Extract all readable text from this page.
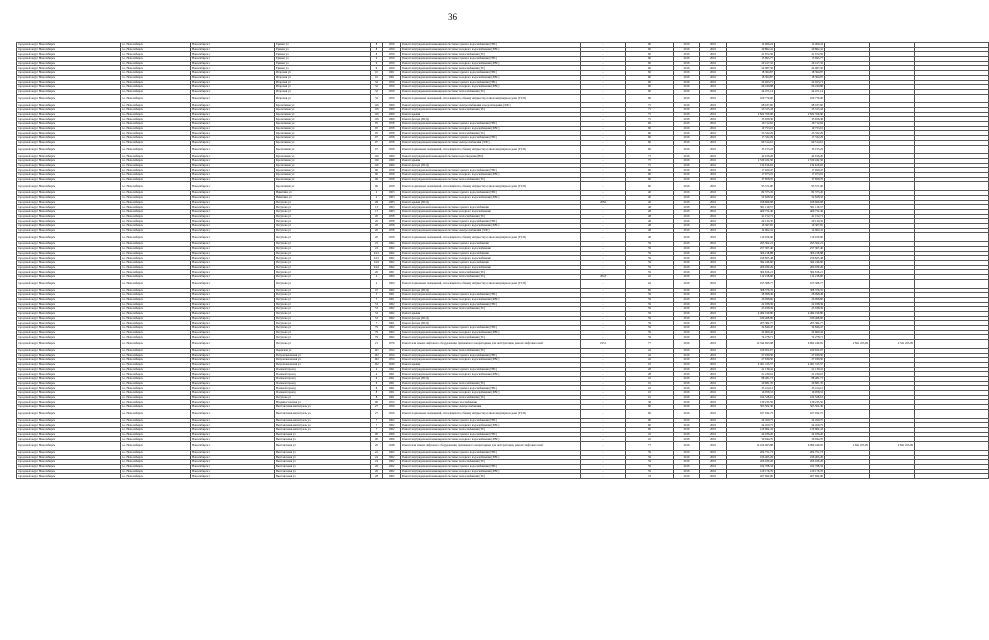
36
городской округ Новосибирск	г.о. Новосибирск	Новосибирск г	Ермака ул	8	1959	Ремонт внутридомовой инженерной системы горячего водоснабжения (ГВС)	-	60	2016	2016	14 069,24	14 069,24			
городской округ Новосибирск	г.о. Новосибирск	Новосибирск г	Ермака ул	8	1959	Ремонт внутридомовой инженерной системы холодного водоснабжения (ХВС)	-	60	2016	2016	20 862,41	20 862,41			
городской округ Новосибирск	г.о. Новосибирск	Новосибирск г	Ермака ул	8	1959	Ремонт внутридомовой инженерной системы теплоснабжения (ТС)	-	60	2016	2016	21 672,56	21 672,56			
городской округ Новосибирск	г.о. Новосибирск	Новосибирск г	Ермака ул	9	1959	Ремонт внутридомовой инженерной системы горячего водоснабжения (ГВС)	-	60	2016	2016	15 695,77	15 695,77			
городской округ Новосибирск	г.о. Новосибирск	Новосибирск г	Ермака ул	9	1959	Ремонт внутридомовой инженерной системы холодного водоснабжения (ХВС)	-	60	2016	2016	20 417,32	20 417,32			
городской округ Новосибирск	г.о. Новосибирск	Новосибирск г	Ермака ул	9	1959	Ремонт внутридомовой инженерной системы теплоснабжения (ТС)	-	60	2016	2016	24 987,50	24 987,50			
городской округ Новосибирск	г.о. Новосибирск	Новосибирск г	Игарская ул	10	1961	Ремонт внутридомовой инженерной системы горячего водоснабжения (ГВС)	-	60	2016	2016	18 364,87	18 364,87			
городской округ Новосибирск	г.о. Новосибирск	Новосибирск г	Игарская ул	10	1961	Ремонт внутридомовой инженерной системы холодного водоснабжения (ХВС)	-	60	2016	2016	18 364,87	18 364,87			
городской округ Новосибирск	г.о. Новосибирск	Новосибирск г	Игарская ул	32	1959	Ремонт внутридомовой инженерной системы горячего водоснабжения (ГВС)	-	60	2016	2016	22 923,71	22 923,71			
городской округ Новосибирск	г.о. Новосибирск	Новосибирск г	Игарская ул	32	1959	Ремонт внутридомовой инженерной системы холодного водоснабжения (ХВС)	-	60	2016	2016	60 240,88	60 240,88			
городской округ Новосибирск	г.о. Новосибирск	Новосибирск г	Игарская ул	32	1959	Ремонт внутридомовой инженерной системы теплоснабжения (ТС)	-	60	2016	2016	24 471,14	24 471,14			
городской округ Новосибирск	г.о. Новосибирск	Новосибирск г	Игарская ул	32	1959	Ремонт подвальных помещений, относящихся к общему имуществу в многоквартирном доме (УСП)	-	60	2016	2016	109 770,00	109 770,00			
городской округ Новосибирск	г.о. Новосибирск	Новосибирск г	Кропоткина ул	116	1969	Ремонт внутридомовой инженерной системы электроснабжения и водоотведения (ЭЛС)	-	75	2016	2016	68 187,60	68 187,60			
городской округ Новосибирск	г.о. Новосибирск	Новосибирск г	Кропоткина ул	116	1969	Ремонт внутридомовой инженерной системы теплоснабжения (ТС)	-	75	2016	2016	23 315,43	23 315,43			
городской округ Новосибирск	г.о. Новосибирск	Новосибирск г	Кропоткина ул	116	1969	Ремонт крыши	-	75	2016	2016	2 822 359,90	2 822 359,90			
городской округ Новосибирск	г.о. Новосибирск	Новосибирск г	Кропоткина ул	116	1969	Ремонт фасада (ПСД)	-	75	2016	2016	35 656,36	35 656,36			
городской округ Новосибирск	г.о. Новосибирск	Новосибирск г	Кропоткина ул	95	1958	Ремонт внутридомовой инженерной системы горячего водоснабжения (ГВС)	-	60	2016	2016	16 712,62	16 712,62			
городской округ Новосибирск	г.о. Новосибирск	Новосибирск г	Кропоткина ул	95	1958	Ремонт внутридомовой инженерной системы холодного водоснабжения (ХВС)	-	60	2016	2016	19 753,01	19 753,01			
городской округ Новосибирск	г.о. Новосибирск	Новосибирск г	Кропоткина ул	95	1958	Ремонт внутридомовой инженерной системы теплоснабжения (ТС)	-	60	2016	2016	23 332,29	23 332,29			
городской округ Новосибирск	г.о. Новосибирск	Новосибирск г	Кропоткина ул	97	1958	Ремонт внутридомовой инженерной системы горячего водоснабжения (ГВС)	-	60	2016	2016	17 332,29	17 332,29			
городской округ Новосибирск	г.о. Новосибирск	Новосибирск г	Кропоткина ул	97	1958	Ремонт внутридомовой инженерной системы электроснабжения (ЭЛС)	-	60	2016	2016	60 514,61	60 514,61			
городской округ Новосибирск	г.о. Новосибирск	Новосибирск г	Кропоткина ул	97	1958	Ремонт подвальных помещений, относящихся к общему имуществу в многоквартирном доме (УСП)	-	60	2016	2016	35 155,22	35 155,22			
городской округ Новосибирск	г.о. Новосибирск	Новосибирск г	Кропоткина ул	116	1969	Ремонт внутридомовой инженерной системы водоотведения (ВО)	-	75	2016	2016	42 916,20	42 916,20			
городской округ Новосибирск	г.о. Новосибирск	Новосибирск г	Кропоткина ул	116	1969	Ремонт крыши	-	75	2016	2016	2 539 432,50	2 539 432,50			
городской округ Новосибирск	г.о. Новосибирск	Новосибирск г	Кропоткина ул	116	1969	Ремонт фасада (ПСД)	-	75	2016	2016	134 616,02	134 616,02			
городской округ Новосибирск	г.о. Новосибирск	Новосибирск г	Кропоткина ул	96	1958	Ремонт внутридомовой инженерной системы горячего водоснабжения (ГВС)	-	60	2016	2016	17 920,47	17 920,47			
городской округ Новосибирск	г.о. Новосибирск	Новосибирск г	Кропоткина ул	96	1958	Ремонт внутридомовой инженерной системы холодного водоснабжения (ХВС)	-	60	2016	2016	17 973,91	17 973,91			
городской округ Новосибирск	г.о. Новосибирск	Новосибирск г	Кропоткина ул	96	1958	Ремонт внутридомовой инженерной системы теплоснабжения (ТС)	-	60	2016	2016	37 858,70	37 858,70			
городской округ Новосибирск	г.о. Новосибирск	Новосибирск г	Кропоткина ул	96	1958	Ремонт подвальных помещений, относящихся к общему имуществу в многоквартирном доме (УСП)	-	60	2016	2016	93 571,00	93 571,00			
городской округ Новосибирск	г.о. Новосибирск	Новосибирск г	Никитина ул	2	1963	Ремонт внутридомовой инженерной системы горячего водоснабжения (ГВС)	-	40	2016	2016	82 375,45	82 375,45			
городской округ Новосибирск	г.о. Новосибирск	Новосибирск г	Никитина ул	2	1963	Ремонт внутридомовой инженерной системы холодного водоснабжения (ХВС)	-	40	2016	2016	52 628,32	52 628,32			
городской округ Новосибирск	г.о. Новосибирск	Новосибирск г	Петухова ул	28	1983	Ремонт крыши (ПСД)	2082	40	2016	2016	168 669,68	168 669,68			
городской округ Новосибирск	г.о. Новосибирск	Новосибирск г	Петухова ул	13	1963	Ремонт внутридомовой инженерной системы горячего водоснабжения	-	48	2016	2016	501 119,57	501 119,57			
городской округ Новосибирск	г.о. Новосибирск	Новосибирск г	Петухова ул	13	1963	Ремонт внутридомовой инженерной системы холодного водоснабжения	-	48	2016	2016	409 752,46	409 752,46			
городской округ Новосибирск	г.о. Новосибирск	Новосибирск г	Петухова ул	20	1958	Ремонт внутридомовой инженерной системы теплоснабжения (ТС)	-	48	2016	2016	41 152,71	41 152,71			
городской округ Новосибирск	г.о. Новосибирск	Новосибирск г	Петухова ул	20	1958	Ремонт внутридомовой инженерной системы горячего водоснабжения (ГВС)	-	48	2016	2016	29 134,35	29 134,35			
городской округ Новосибирск	г.о. Новосибирск	Новосибирск г	Петухова ул	20	1958	Ремонт внутридомовой инженерной системы холодного водоснабжения (ХВС)	-	48	2016	2016	16 367,65	16 367,65			
городской округ Новосибирск	г.о. Новосибирск	Новосибирск г	Петухова ул	20	1958	Ремонт внутридомовой инженерной системы электроснабжения (ЭЛС)	-	48	2016	2016	14 062,41	14 062,41			
городской округ Новосибирск	г.о. Новосибирск	Новосибирск г	Петухова ул	20	1958	Ремонт подвальных помещений, относящихся к общему имуществу в многоквартирном доме (УСП)	-	48	2016	2016	110 100,90	110 100,90			
городской округ Новосибирск	г.о. Новосибирск	Новосибирск г	Петухова ул	22	1962	Ремонт внутридомовой инженерной системы горячего водоснабжения	-	59	2016	2016	295 502,21	295 502,21			
городской округ Новосибирск	г.о. Новосибирск	Новосибирск г	Петухова ул	22	1962	Ремонт внутридомовой инженерной системы холодного водоснабжения	-	59	2016	2016	257 307,40	257 307,40			
городской округ Новосибирск	г.о. Новосибирск	Новосибирск г	Петухова ул	24/1	1962	Ремонт внутридомовой инженерной системы горячего водоснабжения	-	59	2016	2016	306 218,88	306 218,88			
городской округ Новосибирск	г.о. Новосибирск	Новосибирск г	Петухова ул	24/1	1962	Ремонт внутридомовой инженерной системы холодного водоснабжения	-	59	2016	2016	196 825,48	196 825,48			
городской округ Новосибирск	г.о. Новосибирск	Новосибирск г	Петухова ул	24/2	1962	Ремонт внутридомовой инженерной системы горячего водоснабжения	-	59	2016	2016	394 246,60	394 246,60			
городской округ Новосибирск	г.о. Новосибирск	Новосибирск г	Петухова ул	24/2	1962	Ремонт внутридомовой инженерной системы холодного водоснабжения	-	59	2016	2016	206 930,26	206 930,26			
городской округ Новосибирск	г.о. Новосибирск	Новосибирск г	Петухова ул	26	1961	Ремонт внутридомовой инженерной системы теплоснабжения (ТС)	-	59	2016	2016	304 816,21	304 816,21			
городской округ Новосибирск	г.о. Новосибирск	Новосибирск г	Петухова ул	4	1964	Ремонт внутридомовой инженерной системы теплоснабжения (ТС)	2043	42	2016	2016	112 218,60	112 218,60			
городской округ Новосибирск	г.о. Новосибирск	Новосибирск г	Петухова ул	4	1964	Ремонт подвальных помещений, относящихся к общему имуществу в многоквартирном доме (УСП)	-	42	2016	2016	105 368,77	105 368,77			
городской округ Новосибирск	г.о. Новосибирск	Новосибирск г	Петухова ул	47	1962	Ремонт фасада (ПСД)	-	60	2016	2016	368 376,35	368 376,35			
городской округ Новосибирск	г.о. Новосибирск	Новосибирск г	Петухова ул	5	1961	Ремонт внутридомовой инженерной системы горячего водоснабжения (ГВС)	-	59	2016	2016	28 098,49	28 098,49			
городской округ Новосибирск	г.о. Новосибирск	Новосибирск г	Петухова ул	5	1961	Ремонт внутридомовой инженерной системы холодного водоснабжения (ХВС)	-	59	2016	2016	26 098,60	26 098,60			
городской округ Новосибирск	г.о. Новосибирск	Новосибирск г	Петухова ул	53	1962	Ремонт внутридомовой инженерной системы горячего водоснабжения (ГВС)	-	59	2016	2016	22 938,39	22 938,39			
городской округ Новосибирск	г.о. Новосибирск	Новосибирск г	Петухова ул	53	1962	Ремонт внутридомовой инженерной системы теплоснабжения (ТС)	-	59	2016	2016	23 938,39	23 938,39			
городской округ Новосибирск	г.о. Новосибирск	Новосибирск г	Петухова ул	53	1962	Ремонт крыши	-	59	2016	2016	4 484 190,80	4 484 190,80			
городской округ Новосибирск	г.о. Новосибирск	Новосибирск г	Петухова ул	53	1962	Ремонт фасада (ПСД)	-	59	2016	2016	186 468,00	186 468,00			
городской округ Новосибирск	г.о. Новосибирск	Новосибирск г	Петухова ул	7	1961	Ремонт фасада (ПСД)	-	59	2016	2016	205 384,77	205 384,77			
городской округ Новосибирск	г.о. Новосибирск	Новосибирск г	Петухова ул	79	1962	Ремонт внутридомовой инженерной системы горячего водоснабжения (ГВС)	-	59	2016	2016	34 846,47	34 846,47			
городской округ Новосибирск	г.о. Новосибирск	Новосибирск г	Петухова ул	79	1962	Ремонт внутридомовой инженерной системы холодного водоснабжения (ХВС)	-	59	2016	2016	24 660,42	24 660,42			
городской округ Новосибирск	г.о. Новосибирск	Новосибирск г	Петухова ул	79	1962	Ремонт внутридомовой инженерной системы теплоснабжения (ТС)	-	59	2016	2016	74 278,71	74 278,71			
городской округ Новосибирск	г.о. Новосибирск	Новосибирск г	Петухова ул	21	1976	Ремонт или замена лифтового оборудования, признанного непригодным для эксплуатации, ремонт лифтовых шахт	1951	77	2016	2016	12 344 695,98	6 962 249,95	2 841 453,09	2 541 453,09	
городской округ Новосибирск	г.о. Новосибирск	Новосибирск г	Пермская ул	101	1954	Ремонт внутридомовой инженерной системы теплоснабжения (ТС)	-	42	2016	2016	169 652,07	169 652,07			
городской округ Новосибирск	г.о. Новосибирск	Новосибирск г	Петропавловская ул	102	1954	Ремонт внутридомовой инженерной системы горячего водоснабжения (ГВС)	-	42	2016	2016	27 939,50	27 939,50			
городской округ Новосибирск	г.о. Новосибирск	Новосибирск г	Петропавловская ул	102	1954	Ремонт внутридомовой инженерной системы холодного водоснабжения (ХВС)	-	42	2016	2016	27 939,50	27 939,50			
городской округ Новосибирск	г.о. Новосибирск	Новосибирск г	Петропавловская ул	102	1949	Ремонт крыши	-	25	2016	2016	4 491 313,57	4 491 313,57			
городской округ Новосибирск	г.о. Новосибирск	Новосибирск г	Полевой проезд	4	1961	Ремонт внутридомовой инженерной системы горячего водоснабжения (ГВС)	-	28	2016	2016	21 139,41	21 139,41			
городской округ Новосибирск	г.о. Новосибирск	Новосибирск г	Полевой проезд	4	1961	Ремонт внутридомовой инженерной системы холодного водоснабжения (ХВС)	-	28	2016	2016	21 230,91	21 230,91			
городской округ Новосибирск	г.о. Новосибирск	Новосибирск г	Полевой проезд	6	1961	Ремонт фасада (ПСД)	-	10	2016	2016	88 481,73	88 481,73			
городской округ Новосибирск	г.о. Новосибирск	Новосибирск г	Полевой проезд	6	1961	Ремонт внутридомовой инженерной системы теплоснабжения (ТС)	-	10	2016	2016	20 681,35	20 681,35			
городской округ Новосибирск	г.о. Новосибирск	Новосибирск г	Полевой проезд	8	1961	Ремонт внутридомовой инженерной системы горячего водоснабжения (ГВС)	-	10	2016	2016	33 414,12	33 414,12			
городской округ Новосибирск	г.о. Новосибирск	Новосибирск г	Полевой проезд	8	1961	Ремонт внутридомовой инженерной системы холодного водоснабжения (ХВС)	-	10	2016	2016	16 058,31	16 058,31			
городской округ Новосибирск	г.о. Новосибирск	Новосибирск г	Петухова ул	8	1961	Ремонт внутридомовой инженерной системы теплоснабжения (ТС)	-	10	2016	2016	164 528,61	164 528,61			
городской округ Новосибирск	г.о. Новосибирск	Новосибирск г	Владивостокская ул	96	1954	Ремонт внутридомовой инженерной системы газоснабжения	-	58	2016	2016	130 233,56	130 233,56			
городской округ Новосибирск	г.о. Новосибирск	Новосибирск г	Выставочная-магистраль ул	27	1956	Ремонт внутридомовой инженерной системы электроснабжения	-	60	2016	2016	503 502,36	503 502,36			
городской округ Новосибирск	г.о. Новосибирск	Новосибирск г	Выставочная-магистраль ул	27	1956	Ремонт подвальных помещений, относящихся к общему имуществу в многоквартирном доме (УСП)	-	60	2016	2016	167 932,75	167 932,75			
городской округ Новосибирск	г.о. Новосибирск	Новосибирск г	Выставочная-магистраль ул	7	1962	Ремонт внутридомовой инженерной системы горячего водоснабжения (ГВС)	-	60	2016	2016	24 450,75	24 450,75			
городской округ Новосибирск	г.о. Новосибирск	Новосибирск г	Выставочная-магистраль ул	7	1962	Ремонт внутридомовой инженерной системы холодного водоснабжения (ХВС)	-	60	2016	2016	24 450,75	24 450,75			
городской округ Новосибирск	г.о. Новосибирск	Новосибирск г	Выставочная-магистраль ул	7	1962	Ремонт внутридомовой инженерной системы теплоснабжения (ТС)	-	60	2016	2016	129 962,43	129 962,43			
городской округ Новосибирск	г.о. Новосибирск	Новосибирск г	Выставочная ул	90	1966	Ремонт внутридомовой инженерной системы горячего водоснабжения (ГВС)	-	45	2016	2016	24 936,20	24 936,20			
городской округ Новосибирск	г.о. Новосибирск	Новосибирск г	Выставочная ул	90	1966	Ремонт внутридомовой инженерной системы холодного водоснабжения (ХВС)	-	45	2016	2016	50 044,70	50 044,70			
городской округ Новосибирск	г.о. Новосибирск	Новосибирск г	Выставочная ул	20	1948	Ремонт или замена лифтового оборудования, признанного непригодным для эксплуатации, ремонт лифтовых шахт	-	77	2016	2016	12 164 695,88	6 999 249,95	2 841 453,09	2 841 453,09	
городской округ Новосибирск	г.о. Новосибирск	Новосибирск г	Выставочная ул	22	1962	Ремонт внутридомовой инженерной системы горячего водоснабжения (ГВС)	-	59	2016	2016	204 751,73	204 751,73			
городской округ Новосибирск	г.о. Новосибирск	Новосибирск г	Выставочная ул	24	1962	Ремонт внутридомовой инженерной системы холодного водоснабжения (ХВС)	-	59	2016	2016	196 403,26	196 403,26			
городской округ Новосибирск	г.о. Новосибирск	Новосибирск г	Выставочная ул	24	1962	Ремонт внутридомовой инженерной системы теплоснабжения (ТС)	-	59	2016	2016	206 930,26	206 930,26			
городской округ Новосибирск	г.о. Новосибирск	Новосибирск г	Выставочная ул	26	1962	Ремонт внутридомовой инженерной системы горячего водоснабжения (ГВС)	-	59	2016	2016	164 768,34	164 768,34			
городской округ Новосибирск	г.о. Новосибирск	Новосибирск г	Выставочная ул	26	1962	Ремонт внутридомовой инженерной системы холодного водоснабжения (ХВС)	-	59	2016	2016	120 176,76	120 176,76			
городской округ Новосибирск	г.о. Новосибирск	Новосибирск г	Выставочная ул	28	1962	Ремонт внутридомовой инженерной системы теплоснабжения (ТС)	-	53	2016	2016	207 692,00	207 692,00			
